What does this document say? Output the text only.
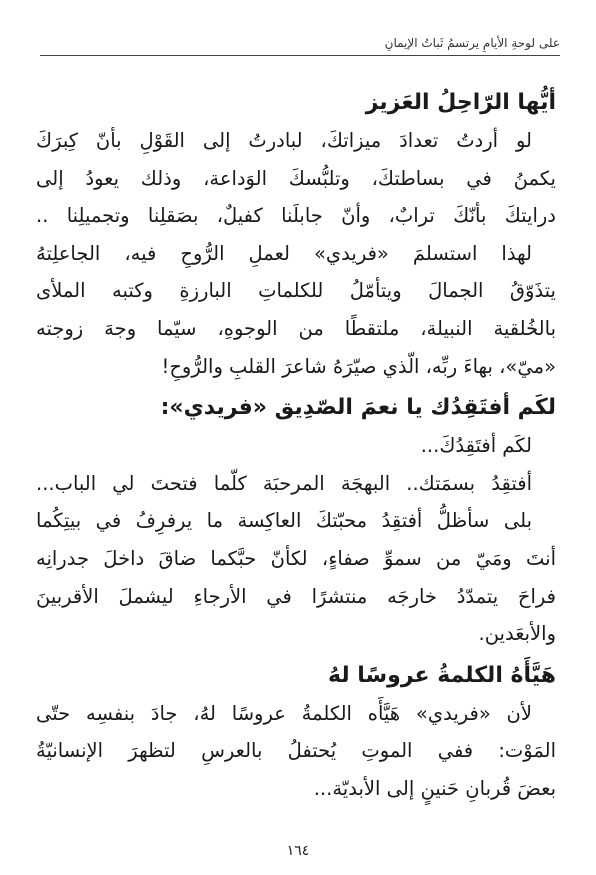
على لوحةِ الأيامِ يرتسمُ ثَباتُ الإيمانِ
أيُّها الرّاحِلُ العَزيز

لو أردتُ تعدادَ ميزاتكَ، لبادرتُ إلى القَوْلِ بأنّ كِبرَكَ

يكمنُ في بساطتكَ، وتلبُّسكَ الوَداعة، وذلك يعودُ إلى

درايتكَ بأنّكَ ترابٌ، وأنّ جابلَنا كفيلٌ، بصَقلِنا وتجميلِنا ..

لهذا استسلمَ «فريدي» لعملِ الرُّوحِ فيه، الجاعلِتهُ

يتذَوّقُ الجمالَ ويتأمّلُ للكلماتِ البارزةِ وكتبه الملأى

بالخُلقية النبيلة، ملتقطًا من الوجوهِ، سيّما وجهَ زوجته

«ميّ»، بهاءَ ربِّه، الّذي صيّرَهُ شاعرَ القلبِ والرُّوحِ!

لكَم أفتَقِدُك يا نعمَ الصّدِيق «فريدي»:

لكَم أفتَقِدُكَ...

أفتقِدُ بسمَتك.. البهجَة المرحبَة كلّما فتحتَ لي الباب...

بلى سأظلُّ أفتقِدُ محبّتكَ العاكِسة ما يرفرِفُ في بيتِكُما

أنتَ ومَيّ من سموِّ صفاءٍ، لكأنّ حبَّكما ضاقَ داخلَ جدرانِه

فراحَ يتمدّدُ خارجَه منتشرًا في الأرجاءِ ليشملَ الأقربينَ

والأبعَدين.

هَيَّأَهُ الكلمةُ عروسًا لهُ

لأن «فريدي» هَيَّأَه الكلمةُ عروسًا لهُ، جادَ بنفسِه حتّى

المَوْت: ففي الموتِ يُحتفلُ بالعرسِ لتظهرَ الإنسانيّةُ

بعضَ قُربانِ حَنينٍ إلى الأبديّة...

١٦٤
